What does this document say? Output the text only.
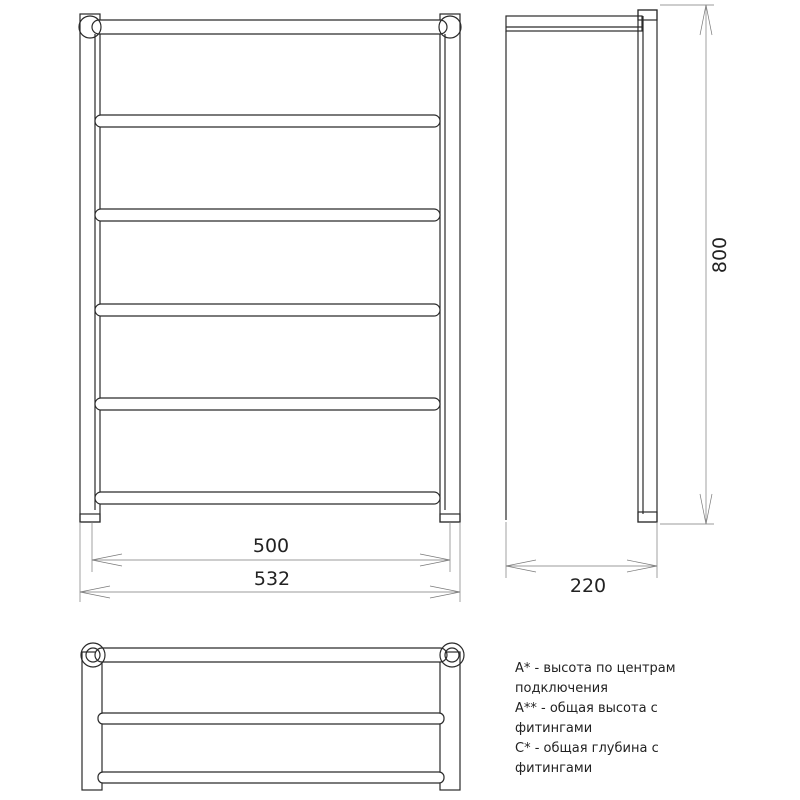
500
532
800
220
A* - высота по центрам
подключения
A** - общая высота с
фитингами
C* - общая глубина с
фитингами
